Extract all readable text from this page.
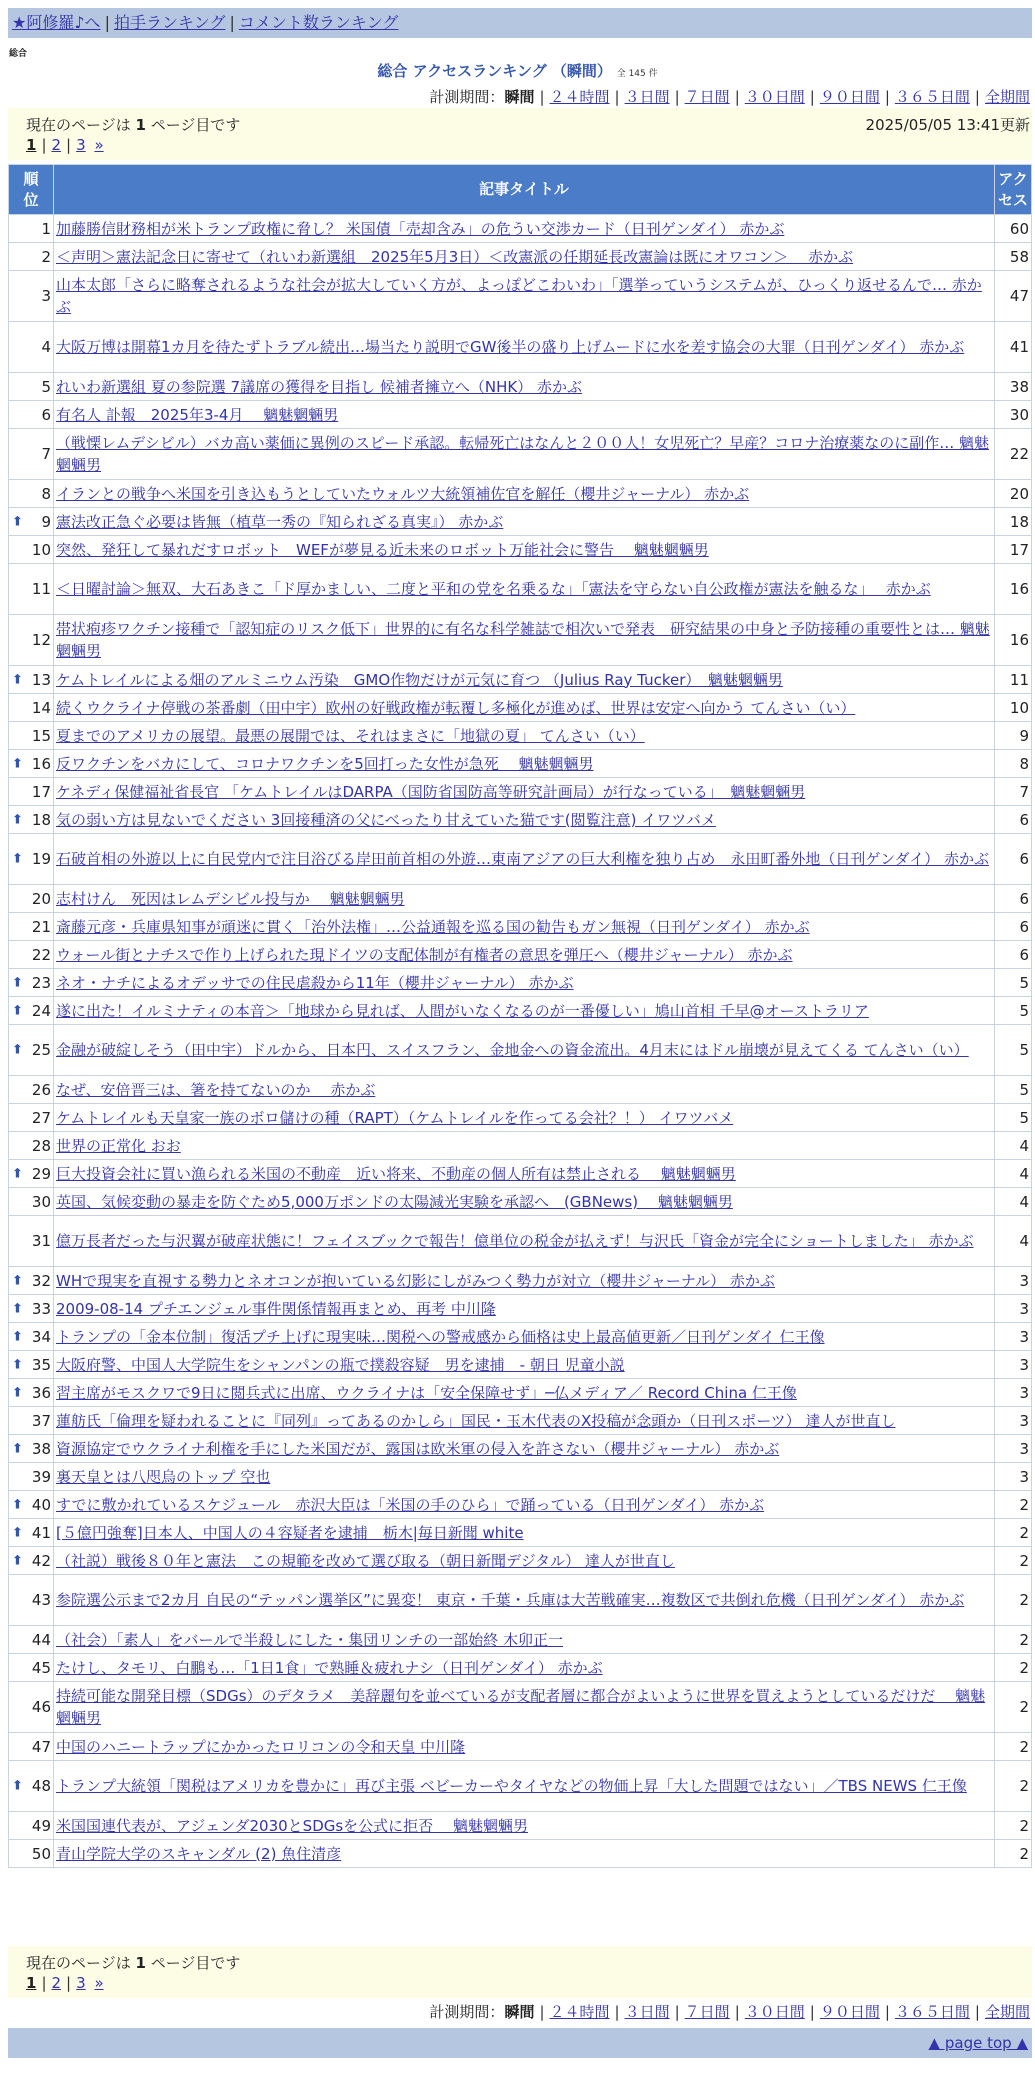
★阿修羅♪へ | 拍手ランキング | コメント数ランキング
総合
総合 アクセスランキング （瞬間） 全 145 件
計測期間：瞬間 | ２４時間 | ３日間 | ７日間 | ３０日間 | ９０日間 | ３６５日間 | 全期間
現在のページは 1 ページ目です	2025/05/05 13:41更新
1 | 2 | 3 »
順
位	記事タイトル	アク
セス
1	加藤勝信財務相が米トランプ政権に脅し？ 米国債「売却含み」の危うい交渉カード（日刊ゲンダイ） 赤かぶ	60
2	＜声明＞憲法記念日に寄せて（れいわ新選組　2025年5月3日）＜改憲派の任期延長改憲論は既にオワコン＞　 赤かぶ	58
3	山本太郎「さらに略奪されるような社会が拡大していく方が、よっぽどこわいわ」「選挙っていうシステムが、ひっくり返せるんで… 赤かぶ	47
4	大阪万博は開幕1カ月を待たずトラブル続出…場当たり説明でGW後半の盛り上げムードに水を差す協会の大罪（日刊ゲンダイ） 赤かぶ	41
5	れいわ新選組 夏の参院選 7議席の獲得を目指し 候補者擁立へ（NHK） 赤かぶ	38
6	有名人 訃報　2025年3-4月　 魑魅魍魎男	30
7	（戦慄レムデシビル）バカ高い薬価に異例のスピード承認。転帰死亡はなんと２００人！女児死亡？早産？コロナ治療薬なのに副作… 魑魅魍魎男	22
8	イランとの戦争へ米国を引き込もうとしていたウォルツ大統領補佐官を解任（櫻井ジャーナル） 赤かぶ	20

⬆ 9	憲法改正急ぐ必要は皆無（植草一秀の『知られざる真実』） 赤かぶ	18
10	突然、発狂して暴れだすロボット　WEFが夢見る近未来のロボット万能社会に警告　 魑魅魍魎男	17
11	＜日曜討論＞無双、大石あきこ「ド厚かましい、二度と平和の党を名乗るな」「憲法を守らない自公政権が憲法を触るな」　 赤かぶ	16
12	帯状疱疹ワクチン接種で「認知症のリスク低下」世界的に有名な科学雑誌で相次いで発表　研究結果の中身と予防接種の重要性とは… 魑魅魍魎男	16

⬆ 13	ケムトレイルによる畑のアルミニウム汚染　GMO作物だけが元気に育つ （Julius Ray Tucker）　魑魅魍魎男	11
14	続くウクライナ停戦の茶番劇（田中宇）欧州の好戦政権が転覆し多極化が進めば、世界は安定へ向かう てんさい（い）	10
15	夏までのアメリカの展望。最悪の展開では、それはまさに「地獄の夏」 てんさい（い）	9

⬆ 16	反ワクチンをバカにして、コロナワクチンを5回打った女性が急死　 魑魅魍魎男	8
17	ケネディ保健福祉省長官 「ケムトレイルはDARPA（国防省国防高等研究計画局）が行なっている」　魑魅魍魎男	7

⬆ 18	気の弱い方は見ないでください 3回接種済の父にべったり甘えていた猫です(閲覧注意) イワツバメ	6

⬆ 19	石破首相の外遊以上に自民党内で注目浴びる岸田前首相の外遊…東南アジアの巨大利権を独り占め　永田町番外地（日刊ゲンダイ） 赤かぶ	6
20	志村けん　死因はレムデシビル投与か　 魑魅魍魎男	6
21	斎藤元彦・兵庫県知事が頑迷に貫く「治外法権」…公益通報を巡る国の勧告もガン無視（日刊ゲンダイ） 赤かぶ	6
22	ウォール街とナチスで作り上げられた現ドイツの支配体制が有権者の意思を弾圧へ（櫻井ジャーナル） 赤かぶ	6

⬆ 23	ネオ・ナチによるオデッサでの住民虐殺から11年（櫻井ジャーナル） 赤かぶ	5

⬆ 24	遂に出た！イルミナティの本音＞「地球から見れば、人間がいなくなるのが一番優しい」鳩山首相 千早@オーストラリア	5

⬆ 25	金融が破綻しそう（田中宇）ドルから、日本円、スイスフラン、金地金への資金流出。4月末にはドル崩壊が見えてくる てんさい（い）	5
26	なぜ、安倍晋三は、箸を持てないのか　 赤かぶ	5
27	ケムトレイルも天皇家一族のボロ儲けの種（RAPT）（ケムトレイルを作ってる会社？！） イワツバメ	5
28	世界の正常化 おお	4

⬆ 29	巨大投資会社に買い漁られる米国の不動産　近い将来、不動産の個人所有は禁止される　 魑魅魍魎男	4
30	英国、気候変動の暴走を防ぐため5,000万ポンドの太陽減光実験を承認へ　(GBNews)　 魑魅魍魎男	4
31	億万長者だった与沢翼が破産状態に！フェイスブックで報告！億単位の税金が払えず！与沢氏「資金が完全にショートしました」 赤かぶ	4

⬆ 32	WHで現実を直視する勢力とネオコンが抱いている幻影にしがみつく勢力が対立（櫻井ジャーナル） 赤かぶ	3

⬆ 33	2009-08-14 プチエンジェル事件関係情報再まとめ、再考 中川隆	3

⬆ 34	トランプの「金本位制」復活プチ上げに現実味…関税への警戒感から価格は史上最高値更新／日刊ゲンダイ 仁王像	3

⬆ 35	大阪府警、中国人大学院生をシャンパンの瓶で撲殺容疑　男を逮捕　- 朝日 児童小説	3

⬆ 36	習主席がモスクワで9日に閲兵式に出席、ウクライナは「安全保障せず」─仏メディア／ Record China 仁王像	3
37	蓮舫氏「倫理を疑われることに『同列』ってあるのかしら」国民・玉木代表のX投稿が念頭か（日刊スポーツ） 達人が世直し	3

⬆ 38	資源協定でウクライナ利権を手にした米国だが、露国は欧米軍の侵入を許さない（櫻井ジャーナル） 赤かぶ	3
39	裏天皇とは八咫烏のトップ 空也	3

⬆ 40	すでに敷かれているスケジュール　赤沢大臣は「米国の手のひら」で踊っている（日刊ゲンダイ） 赤かぶ	2

⬆ 41	[５億円強奪]日本人、中国人の４容疑者を逮捕　栃木|毎日新聞 white	2

⬆ 42	（社説）戦後８０年と憲法　この規範を改めて選び取る（朝日新聞デジタル） 達人が世直し	2
43	参院選公示まで2カ月 自民の“テッパン選挙区”に異変！ 東京・千葉・兵庫は大苦戦確実…複数区で共倒れ危機（日刊ゲンダイ） 赤かぶ	2
44	（社会）「素人」をバールで半殺しにした・集団リンチの一部始終 木卯正一	2
45	たけし、タモリ、白鵬も…「1日1食」で熟睡＆疲れナシ（日刊ゲンダイ） 赤かぶ	2
46	持続可能な開発目標（SDGs）のデタラメ　美辞麗句を並べているが支配者層に都合がよいように世界を買えようとしているだけだ　 魑魅魍魎男	2
47	中国のハニートラップにかかったロリコンの令和天皇 中川隆	2

⬆ 48	トランプ大統領「関税はアメリカを豊かに」再び主張 ベビーカーやタイヤなどの物価上昇「大した問題ではない」／TBS NEWS 仁王像	2
49	米国国連代表が、アジェンダ2030とSDGsを公式に拒否　 魑魅魍魎男	2
50	青山学院大学のスキャンダル (2) 魚住清彦	2
現在のページは 1 ページ目です
1 | 2 | 3 »
計測期間：瞬間 | ２４時間 | ３日間 | ７日間 | ３０日間 | ９０日間 | ３６５日間 | 全期間
▲ page top ▲
